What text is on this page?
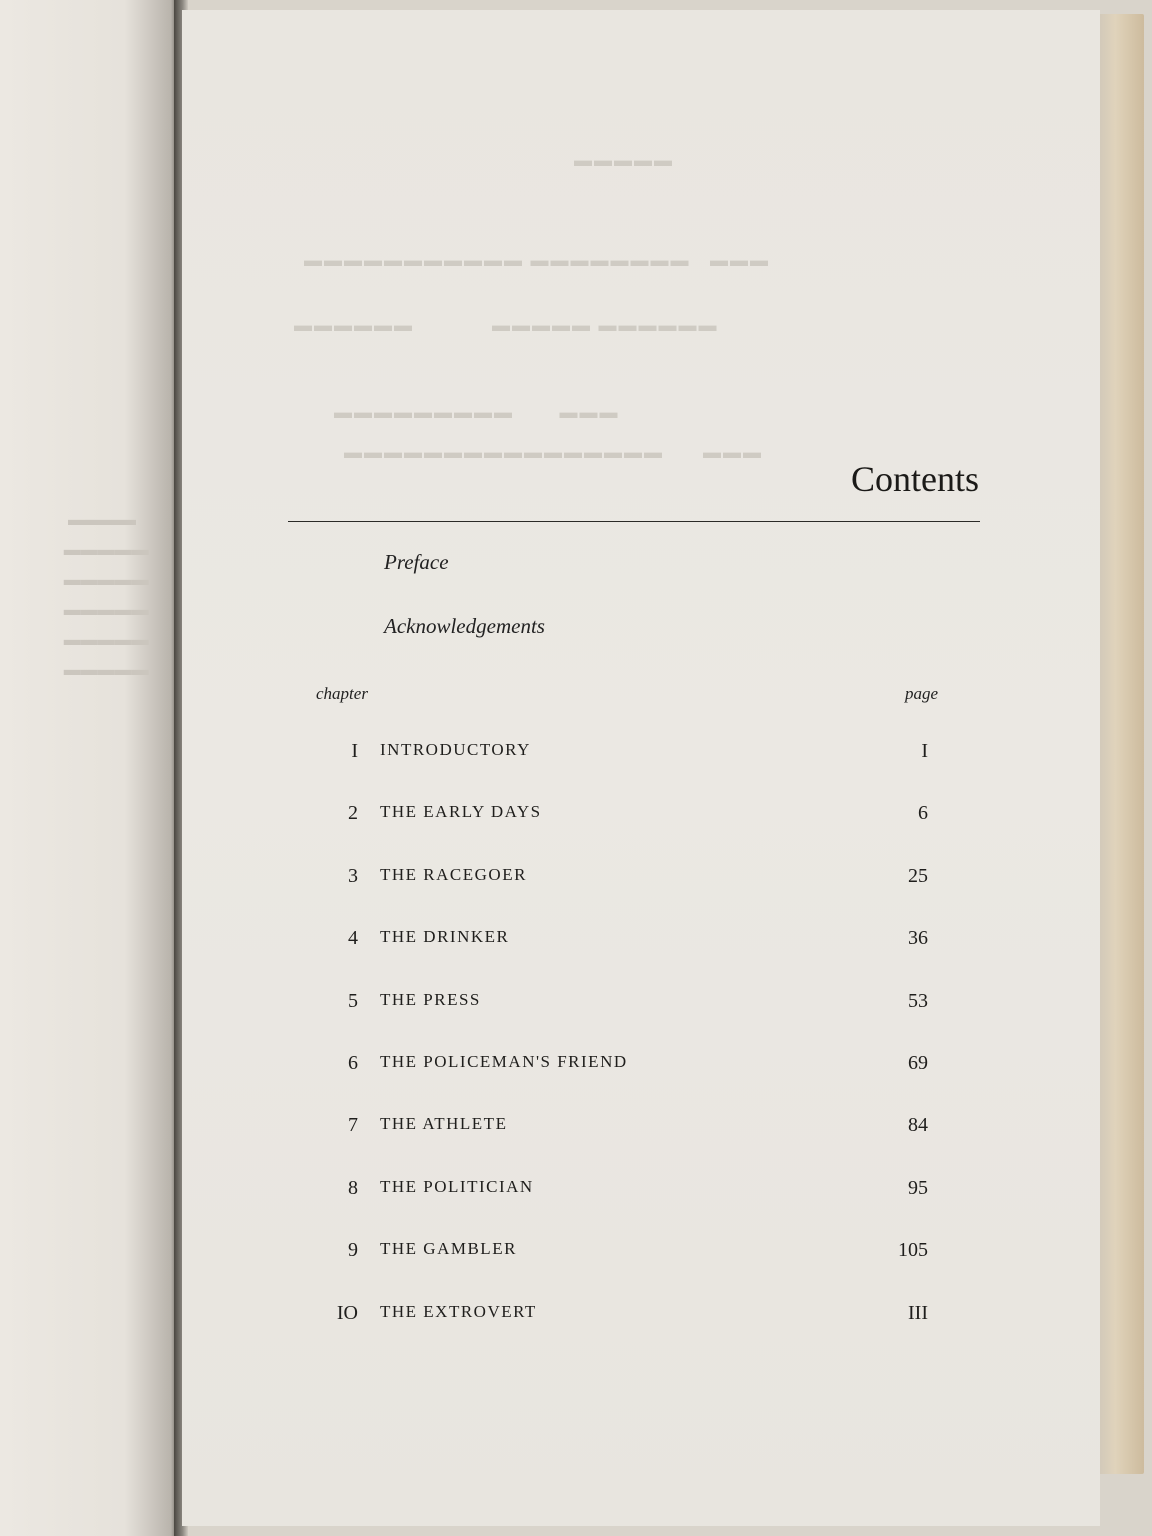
▬▬▬▬
▬▬▬▬▬
▬▬▬▬▬
▬▬▬▬▬
▬▬▬▬▬
▬▬▬▬▬
▬▬▬▬▬
▬▬▬   ▬▬▬▬▬▬▬▬ ▬▬▬▬▬▬▬▬▬▬▬
▬▬▬▬▬▬ ▬▬▬▬▬            ▬▬▬▬▬▬
▬▬▬       ▬▬▬▬▬▬▬▬▬
▬▬▬      ▬▬▬▬▬▬▬▬▬▬▬▬▬▬▬▬
Contents
Preface
Acknowledgements
chapter	page
I INTRODUCTORY	I
2 THE EARLY DAYS	6
3 THE RACEGOER	25
4 THE DRINKER	36
5 THE PRESS	53
6 THE POLICEMAN'S FRIEND	69
7 THE ATHLETE	84
8 THE POLITICIAN	95
9 THE GAMBLER	105
IO THE EXTROVERT	III
